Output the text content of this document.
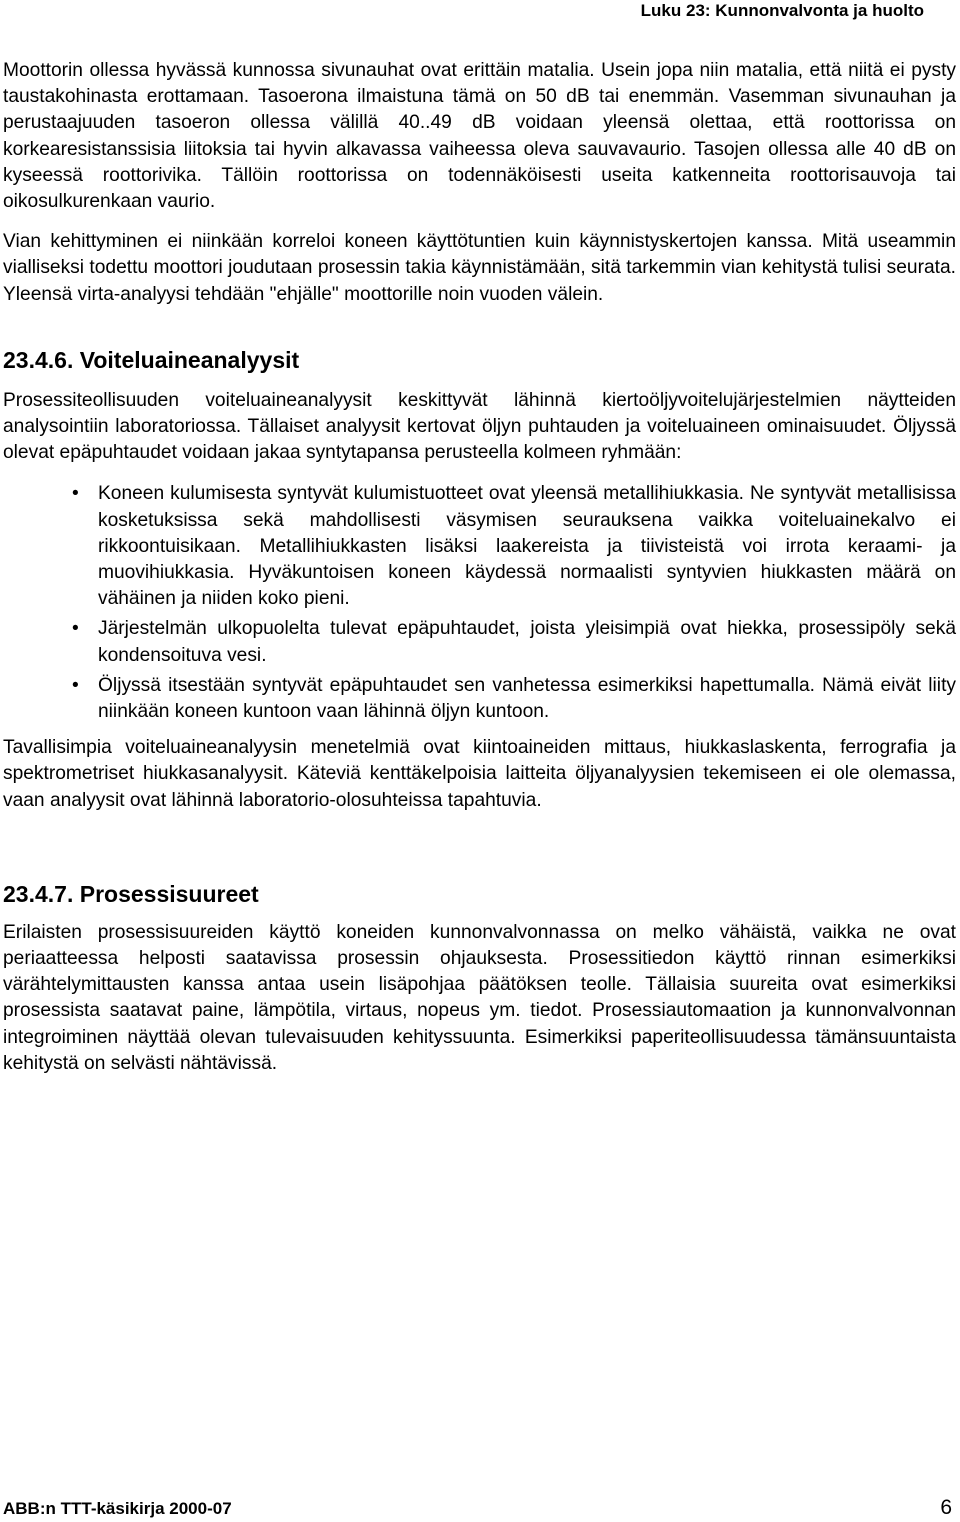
Luku 23: Kunnonvalvonta ja huolto

Moottorin ollessa hyvässä kunnossa sivunauhat ovat erittäin matalia. Usein jopa niin matalia, että niitä ei pysty taustakohinasta erottamaan. Tasoerona ilmaistuna tämä on 50 dB tai enemmän. Vasemman sivunauhan ja perustaajuuden tasoeron ollessa välillä 40..49 dB voidaan yleensä olettaa, että roottorissa on korkearesistanssisia liitoksia tai hyvin alkavassa vaiheessa oleva sauvavaurio. Tasojen ollessa alle 40 dB on kyseessä roottorivika. Tällöin roottorissa on todennäköisesti useita katkenneita roottorisauvoja tai oikosulkurenkaan vaurio.

Vian kehittyminen ei niinkään korreloi koneen käyttötuntien kuin käynnistyskertojen kanssa. Mitä useammin vialliseksi todettu moottori joudutaan prosessin takia käynnistämään, sitä tarkemmin vian kehitystä tulisi seurata. Yleensä virta-analyysi tehdään "ehjälle" moottorille noin vuoden välein.

23.4.6. Voiteluaineanalyysit

Prosessiteollisuuden voiteluaineanalyysit keskittyvät lähinnä kiertoöljyvoitelujärjestelmien näytteiden analysointiin laboratoriossa. Tällaiset analyysit kertovat öljyn puhtauden ja voiteluaineen ominaisuudet. Öljyssä olevat epäpuhtaudet voidaan jakaa syntytapansa perusteella kolmeen ryhmään:

• Koneen kulumisesta syntyvät kulumistuotteet ovat yleensä metallihiukkasia. Ne syntyvät metallisissa kosketuksissa sekä mahdollisesti väsymisen seurauksena vaikka voiteluainekalvo ei rikkoontuisikaan. Metallihiukkasten lisäksi laakereista ja tiivisteistä voi irrota keraami- ja muovihiukkasia. Hyväkuntoisen koneen käydessä normaalisti syntyvien hiukkasten määrä on vähäinen ja niiden koko pieni.
• Järjestelmän ulkopuolelta tulevat epäpuhtaudet, joista yleisimpiä ovat hiekka, prosessipöly sekä kondensoituva vesi.
• Öljyssä itsestään syntyvät epäpuhtaudet sen vanhetessa esimerkiksi hapettumalla. Nämä eivät liity niinkään koneen kuntoon vaan lähinnä öljyn kuntoon.

Tavallisimpia voiteluaineanalyysin menetelmiä ovat kiintoaineiden mittaus, hiukkaslaskenta, ferrografia ja spektrometriset hiukkasanalyysit. Käteviä kenttäkelpoisia laitteita öljyanalyysien tekemiseen ei ole olemassa, vaan analyysit ovat lähinnä laboratorio-olosuhteissa tapahtuvia.

23.4.7. Prosessisuureet

Erilaisten prosessisuureiden käyttö koneiden kunnonvalvonnassa on melko vähäistä, vaikka ne ovat periaatteessa helposti saatavissa prosessin ohjauksesta. Prosessitiedon käyttö rinnan esimerkiksi värähtelymittausten kanssa antaa usein lisäpohjaa päätöksen teolle. Tällaisia suureita ovat esimerkiksi prosessista saatavat paine, lämpötila, virtaus, nopeus ym. tiedot. Prosessiautomaation ja kunnonvalvonnan integroiminen näyttää olevan tulevaisuuden kehityssuunta. Esimerkiksi paperiteollisuudessa tämänsuuntaista kehitystä on selvästi nähtävissä.

ABB:n TTT-käsikirja 2000-07	6
